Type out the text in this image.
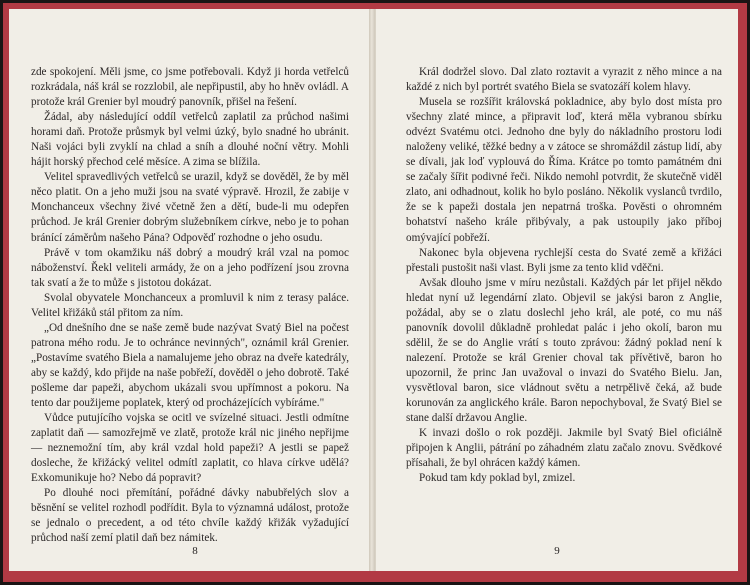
zde spokojení. Měli jsme, co jsme potřebovali. Když ji horda vetřelců rozkrádala, náš král se rozzlobil, ale nepřipustil, aby ho hněv ovládl. A protože král Grenier byl moudrý panovník, přišel na řešení.

Žádal, aby následující oddíl vetřelců zaplatil za průchod našimi horami daň. Protože průsmyk byl velmi úzký, bylo snadné ho ubránit. Naši vojáci byli zvyklí na chlad a sníh a dlouhé noční větry. Mohli hájit horský přechod celé měsíce. A zima se blížila.

Velitel spravedlivých vetřelců se urazil, když se dověděl, že by měl něco platit. On a jeho muži jsou na svaté výpravě. Hrozil, že zabije v Monchanceux všechny živé včetně žen a dětí, bude-li mu odepřen průchod. Je král Grenier dobrým služebníkem církve, nebo je to pohan bránící záměrům našeho Pána? Odpověď rozhodne o jeho osudu.

Právě v tom okamžiku náš dobrý a moudrý král vzal na pomoc náboženství. Řekl veliteli armády, že on a jeho podřízení jsou zrovna tak svatí a že to může s jistotou dokázat.

Svolal obyvatele Monchanceux a promluvil k nim z terasy paláce. Velitel křižáků stál přitom za ním.

„Od dnešního dne se naše země bude nazývat Svatý Biel na počest patrona mého rodu. Je to ochránce nevinných", oznámil král Grenier. „Postavíme svatého Biela a namalujeme jeho obraz na dveře katedrály, aby se každý, kdo přijde na naše pobřeží, dověděl o jeho dobrotě. Také pošleme dar papeži, abychom ukázali svou upřímnost a pokoru. Na tento dar použijeme poplatek, který od procházejících vybíráme."

Vůdce putujícího vojska se ocitl ve svízelné situaci. Jestli odmítne zaplatit daň — samozřejmě ve zlatě, protože král nic jiného nepřijme — neznemožní tím, aby král vzdal hold papeži? A jestli se papež dosleche, že křižácký velitel odmítl zaplatit, co hlava církve udělá? Exkomunikuje ho? Nebo dá popravit?

Po dlouhé noci přemítání, pořádné dávky nabubřelých slov a běsnění se velitel rozhodl podřídit. Byla to významná událost, protože se jednalo o precedent, a od této chvíle každý křižák vyžadující průchod naší zemí platil daň bez námitek.

8

Král dodržel slovo. Dal zlato roztavit a vyrazit z něho mince a na každé z nich byl portrét svatého Biela se svatozáří kolem hlavy.

Musela se rozšířit královská pokladnice, aby bylo dost místa pro všechny zlaté mince, a připravit loď, která měla vybranou sbírku odvézt Svatému otci. Jednoho dne byly do nákladního prostoru lodi naloženy veliké, těžké bedny a v zátoce se shromáždil zástup lidí, aby se dívali, jak loď vyplouvá do Říma. Krátce po tomto památném dni se začaly šířit podivné řeči. Nikdo nemohl potvrdit, že skutečně viděl zlato, ani odhadnout, kolik ho bylo posláno. Několik vyslanců tvrdilo, že se k papeži dostala jen nepatrná troška. Pověsti o ohromném bohatství našeho krále přibývaly, a pak ustoupily jako příboj omývající pobřeží.

Nakonec byla objevena rychlejší cesta do Svaté země a křižáci přestali pustošit naši vlast. Byli jsme za tento klid vděčni.

Avšak dlouho jsme v míru nezůstali. Každých pár let přijel někdo hledat nyní už legendární zlato. Objevil se jakýsi baron z Anglie, požádal, aby se o zlatu doslechl jeho král, ale poté, co mu náš panovník dovolil důkladně prohledat palác i jeho okolí, baron mu sdělil, že se do Anglie vrátí s touto zprávou: žádný poklad není k nalezení. Protože se král Grenier choval tak přívětivě, baron ho upozornil, že princ Jan uvažoval o invazi do Svatého Bielu. Jan, vysvětloval baron, sice vládnout světu a netrpělivě čeká, až bude korunován za anglického krále. Baron nepochyboval, že Svatý Biel se stane další državou Anglie.

K invazi došlo o rok později. Jakmile byl Svatý Biel oficiálně připojen k Anglii, pátrání po záhadném zlatu začalo znovu. Svědkové přísahali, že byl ohrácen každý kámen.

Pokud tam kdy poklad byl, zmizel.

9
